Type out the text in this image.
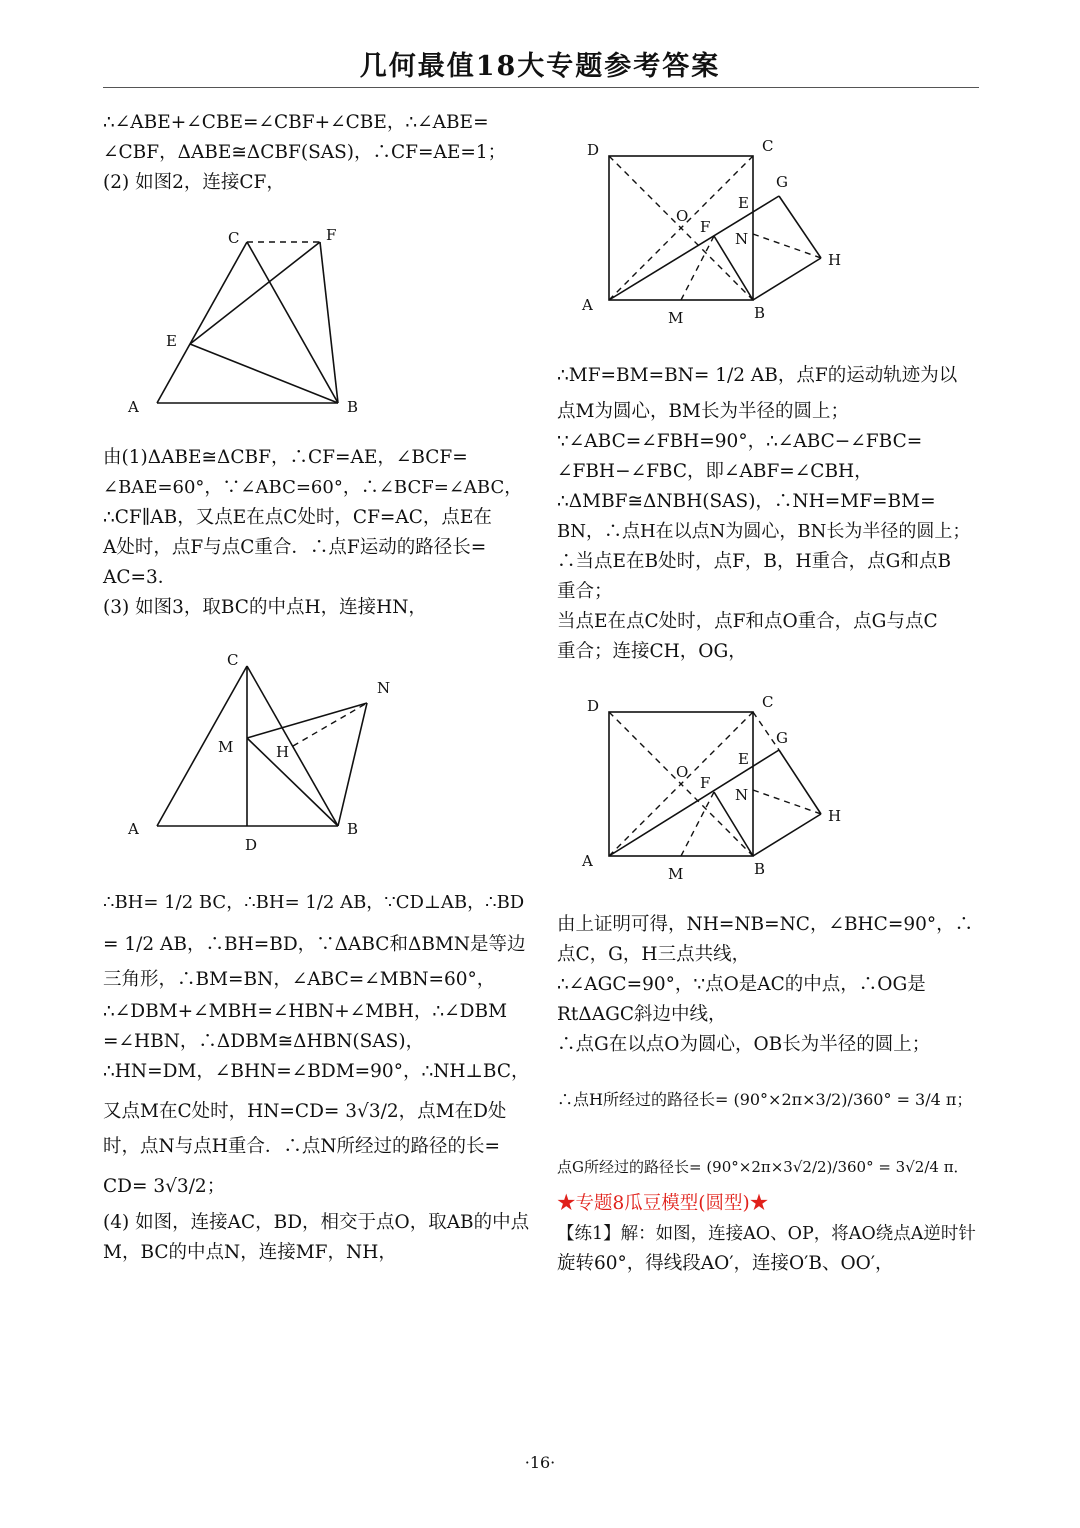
几何最值18大专题参考答案
∴∠ABE+∠CBE=∠CBF+∠CBE，∴∠ABE=
∠CBF，ΔABE≅ΔCBF(SAS)，∴CF=AE=1；
(2) 如图2，连接CF，
C	F
E
A	B
由(1)ΔABE≅ΔCBF，∴CF=AE，∠BCF=
∠BAE=60°，∵∠ABC=60°，∴∠BCF=∠ABC，
∴CF∥AB，又点E在点C处时，CF=AC，点E在
A处时，点F与点C重合．∴点F运动的路径长=
AC=3．
(3) 如图3，取BC的中点H，连接HN，
C
N
M	H
A
D
B
∴BH= 1/2 BC，∴BH= 1/2 AB，∵CD⊥AB，∴BD
= 1/2 AB，∴BH=BD，∵ΔABC和ΔBMN是等边
三角形，∴BM=BN，∠ABC=∠MBN=60°，
∴∠DBM+∠MBH=∠HBN+∠MBH，∴∠DBM
=∠HBN，∴ΔDBM≅ΔHBN(SAS)，
∴HN=DM，∠BHN=∠BDM=90°，∴NH⊥BC，
又点M在C处时，HN=CD= 3√3/2，点M在D处
时，点N与点H重合．∴点N所经过的路径的长=
CD= 3√3/2；
(4) 如图，连接AC，BD，相交于点O，取AB的中点
M，BC的中点N，连接MF，NH，
D	C
G
E
O
F
N
H
A
M	B
∴MF=BM=BN= 1/2 AB，点F的运动轨迹为以
点M为圆心，BM长为半径的圆上；
∵∠ABC=∠FBH=90°，∴∠ABC−∠FBC=
∠FBH−∠FBC，即∠ABF=∠CBH，
∴ΔMBF≅ΔNBH(SAS)，∴NH=MF=BM=
BN，∴点H在以点N为圆心，BN长为半径的圆上；
∴当点E在B处时，点F，B，H重合，点G和点B
重合；
当点E在点C处时，点F和点O重合，点G与点C
重合；连接CH，OG，
D	C
G
E
O
F
N
H
A
M	B
由上证明可得，NH=NB=NC，∠BHC=90°，∴
点C，G，H三点共线，
∴∠AGC=90°，∵点O是AC的中点，∴OG是
RtΔAGC斜边中线，
∴点G在以点O为圆心，OB长为半径的圆上；
∴点H所经过的路径长= (90°×2π×3/2)/360° = 3/4 π；
点G所经过的路径长= (90°×2π×3√2/2)/360° = 3√2/4 π．
★专题8瓜豆模型(圆型)★
【练1】解：如图，连接AO、OP，将AO绕点A逆时针
旋转60°，得线段AO′，连接O′B、OO′，
·16·
